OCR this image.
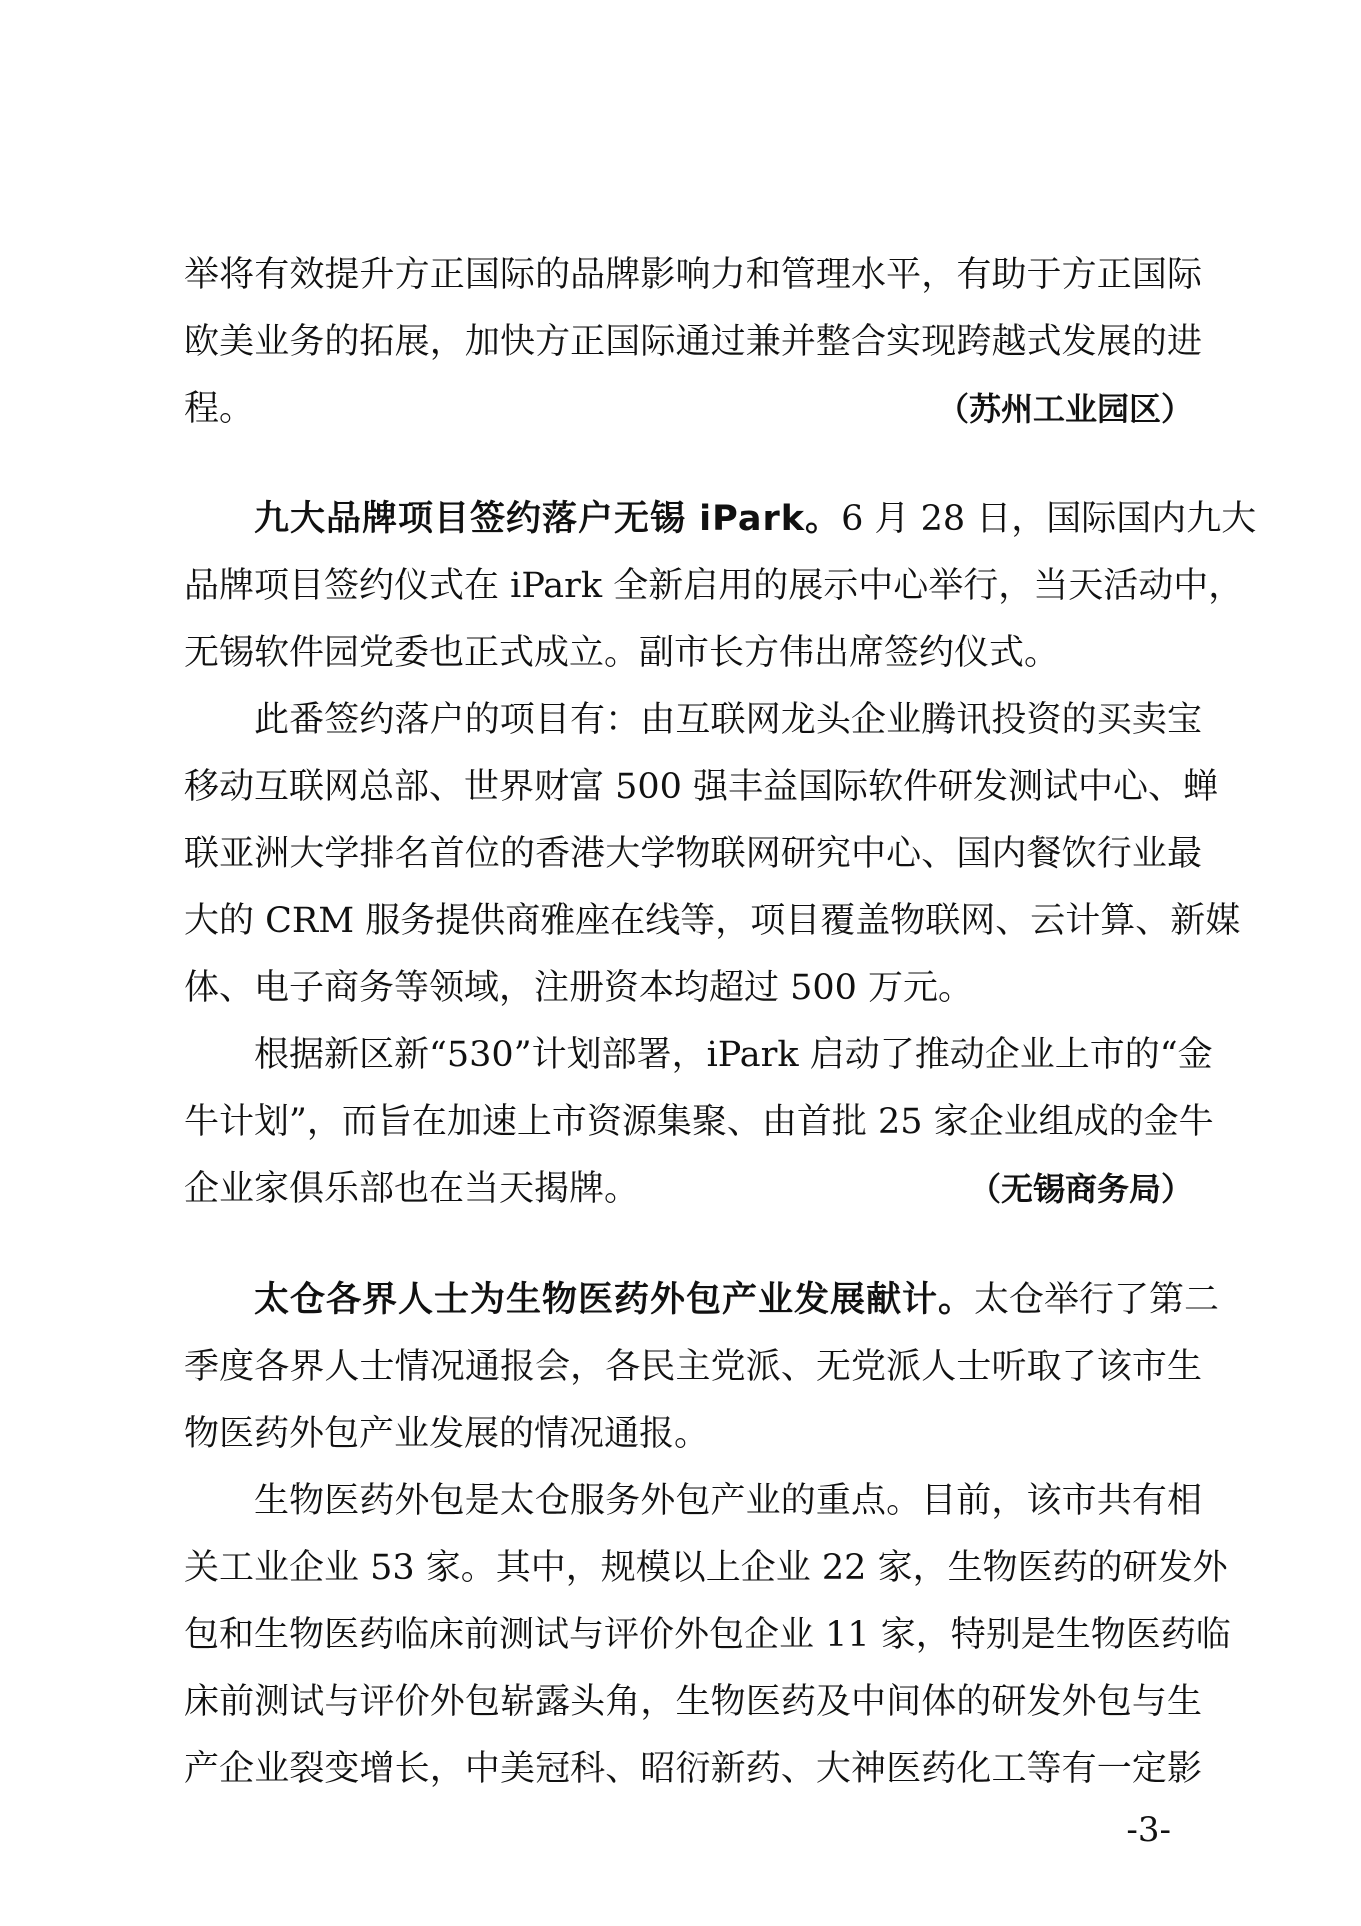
举将有效提升方正国际的品牌影响力和管理水平，有助于方正国际
欧美业务的拓展，加快方正国际通过兼并整合实现跨越式发展的进
程。	（苏州工业园区）
九大品牌项目签约落户无锡 iPark。6 月 28 日，国际国内九大
品牌项目签约仪式在 iPark 全新启用的展示中心举行，当天活动中，
无锡软件园党委也正式成立。副市长方伟出席签约仪式。
此番签约落户的项目有：由互联网龙头企业腾讯投资的买卖宝
移动互联网总部、世界财富 500 强丰益国际软件研发测试中心、蝉
联亚洲大学排名首位的香港大学物联网研究中心、国内餐饮行业最
大的 CRM 服务提供商雅座在线等，项目覆盖物联网、云计算、新媒
体、电子商务等领域，注册资本均超过 500 万元。
根据新区新“530”计划部署，iPark 启动了推动企业上市的“金
牛计划”，而旨在加速上市资源集聚、由首批 25 家企业组成的金牛
企业家俱乐部也在当天揭牌。	（无锡商务局）
太仓各界人士为生物医药外包产业发展献计。太仓举行了第二
季度各界人士情况通报会，各民主党派、无党派人士听取了该市生
物医药外包产业发展的情况通报。
生物医药外包是太仓服务外包产业的重点。目前，该市共有相
关工业企业 53 家。其中，规模以上企业 22 家，生物医药的研发外
包和生物医药临床前测试与评价外包企业 11 家，特别是生物医药临
床前测试与评价外包崭露头角，生物医药及中间体的研发外包与生
产企业裂变增长，中美冠科、昭衍新药、大神医药化工等有一定影
-3-
